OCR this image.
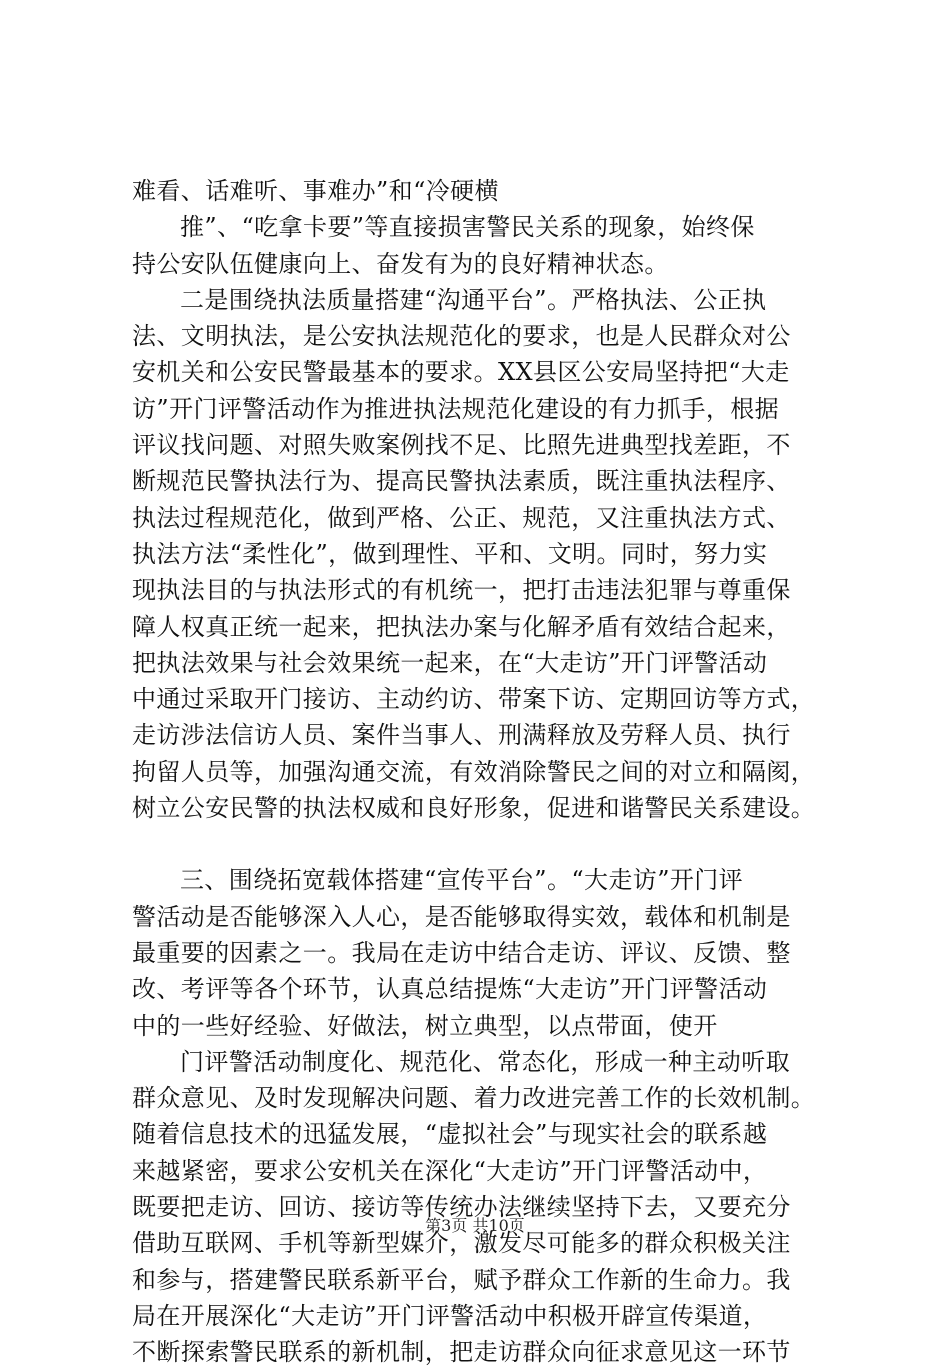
难看、话难听、事难办”和“冷硬横
推”、“吃拿卡要”等直接损害警民关系的现象，始终保
持公安队伍健康向上、奋发有为的良好精神状态。
二是围绕执法质量搭建“沟通平台”。严格执法、公正执
法、文明执法，是公安执法规范化的要求，也是人民群众对公
安机关和公安民警最基本的要求。XX县区公安局坚持把“大走
访”开门评警活动作为推进执法规范化建设的有力抓手，根据
评议找问题、对照失败案例找不足、比照先进典型找差距，不
断规范民警执法行为、提高民警执法素质，既注重执法程序、
执法过程规范化，做到严格、公正、规范，又注重执法方式、
执法方法“柔性化”，做到理性、平和、文明。同时，努力实
现执法目的与执法形式的有机统一，把打击违法犯罪与尊重保
障人权真正统一起来，把执法办案与化解矛盾有效结合起来，
把执法效果与社会效果统一起来，在“大走访”开门评警活动
中通过采取开门接访、主动约访、带案下访、定期回访等方式，
走访涉法信访人员、案件当事人、刑满释放及劳释人员、执行
拘留人员等，加强沟通交流，有效消除警民之间的对立和隔阂，
树立公安民警的执法权威和良好形象，促进和谐警民关系建设。
三、围绕拓宽载体搭建“宣传平台”。“大走访”开门评
警活动是否能够深入人心，是否能够取得实效，载体和机制是
最重要的因素之一。我局在走访中结合走访、评议、反馈、整
改、考评等各个环节，认真总结提炼“大走访”开门评警活动
中的一些好经验、好做法，树立典型，以点带面，使开
门评警活动制度化、规范化、常态化，形成一种主动听取
群众意见、及时发现解决问题、着力改进完善工作的长效机制。
随着信息技术的迅猛发展，“虚拟社会”与现实社会的联系越
来越紧密，要求公安机关在深化“大走访”开门评警活动中，
既要把走访、回访、接访等传统办法继续坚持下去，又要充分
借助互联网、手机等新型媒介，激发尽可能多的群众积极关注
和参与，搭建警民联系新平台，赋予群众工作新的生命力。我
局在开展深化“大走访”开门评警活动中积极开辟宣传渠道，
不断探索警民联系的新机制，把走访群众向征求意见这一环节
第3页 共10页
